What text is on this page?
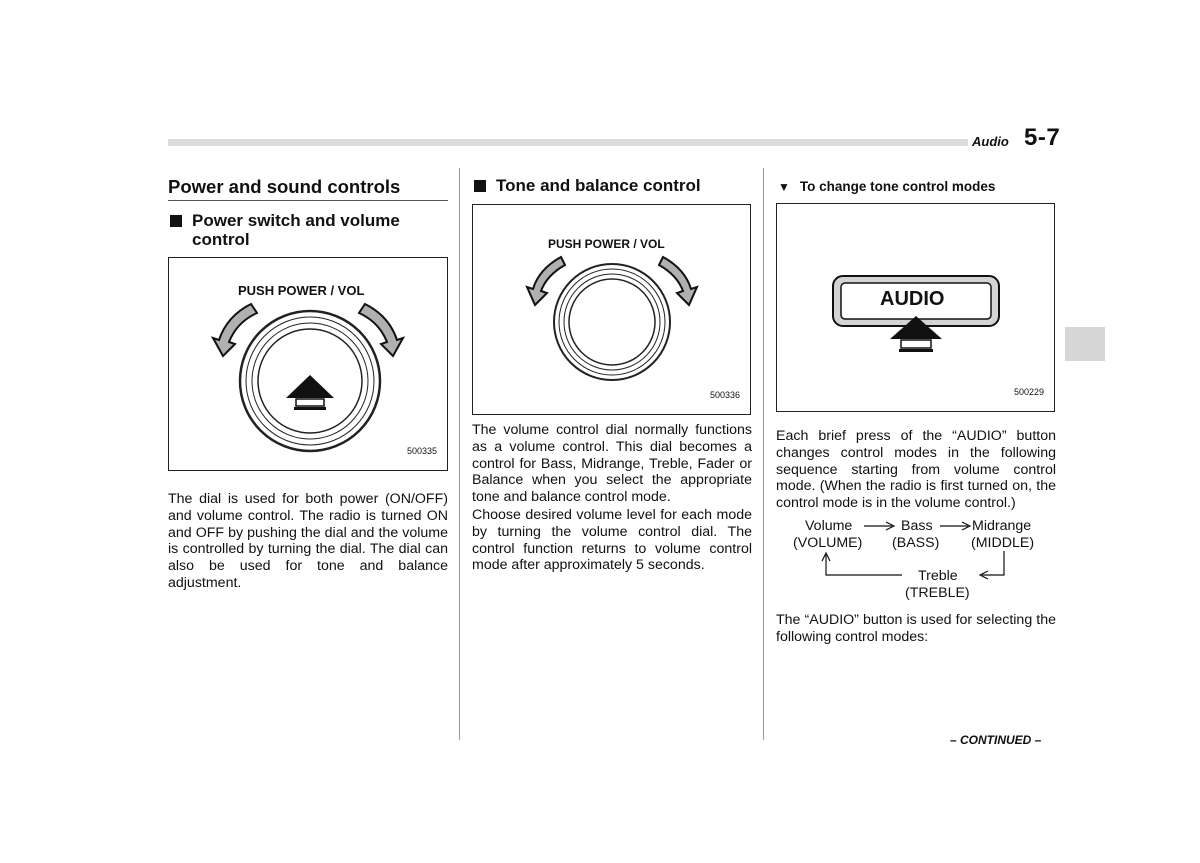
Audio 5-7
Power and sound controls
Power switch and volume control
PUSH POWER / VOL
500335

The dial is used for both power (ON/OFF) and volume control. The radio is turned ON and OFF by pushing the dial and the volume is controlled by turning the dial. The dial can also be used for tone and balance adjustment.

Tone and balance control
PUSH POWER / VOL
500336

The volume control dial normally functions as a volume control. This dial becomes a control for Bass, Midrange, Treble, Fader or Balance when you select the appropriate tone and balance control mode.

Choose desired volume level for each mode by turning the volume control dial. The control function returns to volume control mode after approximately 5 seconds.

▼ To change tone control modes
AUDIO
500229

Each brief press of the “AUDIO” button changes control modes in the following sequence starting from volume control mode. (When the radio is first turned on, the control mode is in the volume control.)

Volume
(VOLUME)
Bass
(BASS)
Midrange
(MIDDLE)
Treble
(TREBLE)

The “AUDIO” button is used for selecting the following control modes:

– CONTINUED –
